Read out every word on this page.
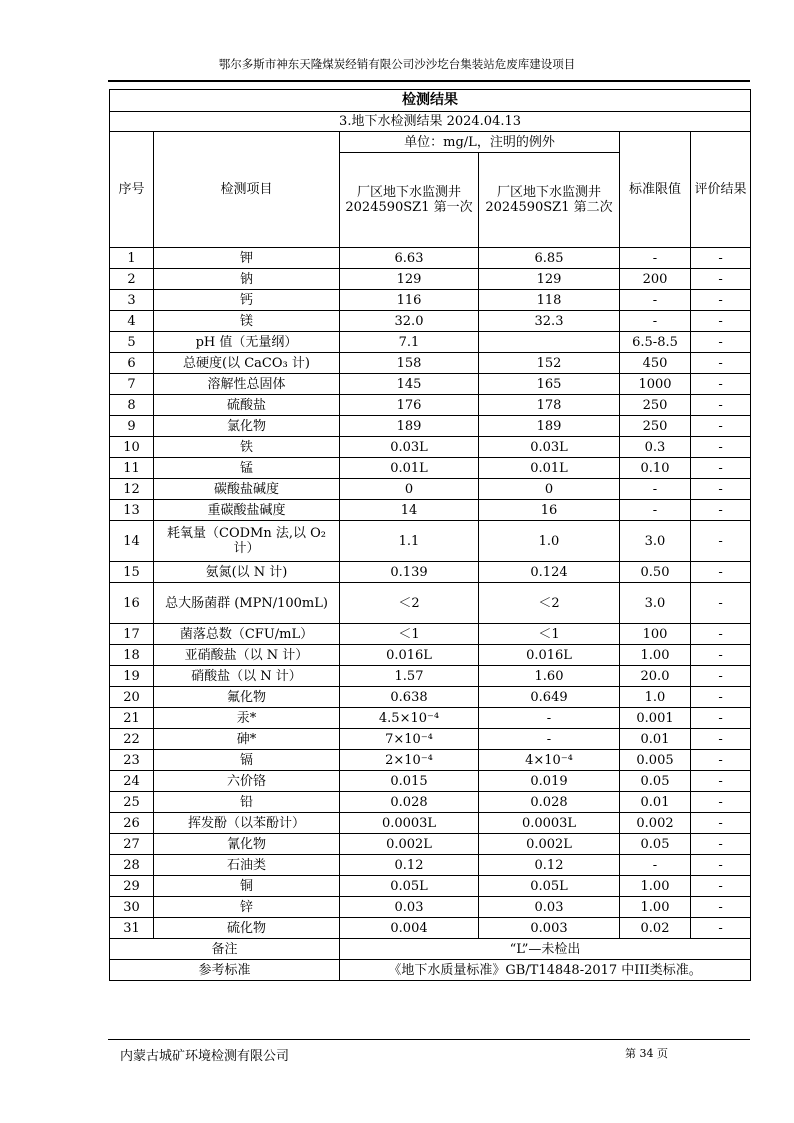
鄂尔多斯市神东天隆煤炭经销有限公司沙沙圪台集装站危废库建设项目
检测结果					
3.地下水检测结果 2024.04.13					
序号	检测项目	单位：mg/L，注明的例外		标准限值	评价结果
		厂区地下水监测井 2024590SZ1 第一次	厂区地下水监测井 2024590SZ1 第二次		
1	钾	6.63	6.85	-	-
2	钠	129	129	200	-
3	钙	116	118	-	-
4	镁	32.0	32.3	-	-
5	pH 值（无量纲）	7.1		6.5-8.5	-
6	总硬度(以 CaCO₃ 计)	158	152	450	-
7	溶解性总固体	145	165	1000	-
8	硫酸盐	176	178	250	-
9	氯化物	189	189	250	-
10	铁	0.03L	0.03L	0.3	-
11	锰	0.01L	0.01L	0.10	-
12	碳酸盐碱度	0	0	-	-
13	重碳酸盐碱度	14	16	-	-
14	耗氧量（CODMn 法,以 O₂ 计）	1.1	1.0	3.0	-
15	氨氮(以 N 计)	0.139	0.124	0.50	-
16	总大肠菌群 (MPN/100mL)	＜2	＜2	3.0	-
17	菌落总数（CFU/mL）	＜1	＜1	100	-
18	亚硝酸盐（以 N 计）	0.016L	0.016L	1.00	-
19	硝酸盐（以 N 计）	1.57	1.60	20.0	-
20	氟化物	0.638	0.649	1.0	-
21	汞*	4.5×10⁻⁴	-	0.001	-
22	砷*	7×10⁻⁴	-	0.01	-
23	镉	2×10⁻⁴	4×10⁻⁴	0.005	-
24	六价铬	0.015	0.019	0.05	-
25	铅	0.028	0.028	0.01	-
26	挥发酚（以苯酚计）	0.0003L	0.0003L	0.002	-
27	氰化物	0.002L	0.002L	0.05	-
28	石油类	0.12	0.12	-	-
29	铜	0.05L	0.05L	1.00	-
30	锌	0.03	0.03	1.00	-
31	硫化物	0.004	0.003	0.02	-
备注		“L”—未检出			
参考标准		《地下水质量标准》GB/T14848-2017 中III类标准。			
内蒙古城矿环境检测有限公司	第 34 页
